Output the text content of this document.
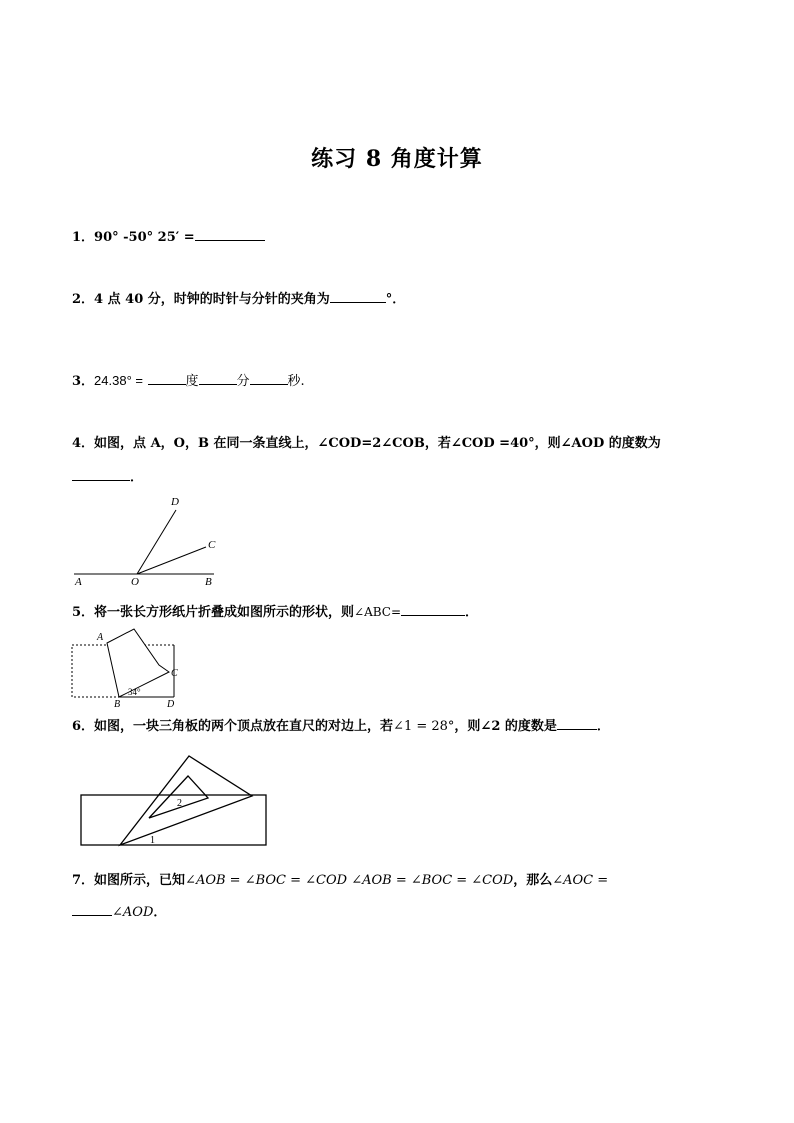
练习 8 角度计算
1．90° -50° 25′ =
2．4 点 40 分，时钟的时针与分针的夹角为	°．
3．24.38° =	度	分	秒.
4．如图，点 A，O，B 在同一条直线上，∠COD=2∠COB，若∠COD =40°，则∠AOD 的度数为
．
D
C
A	O	B
5．将一张长方形纸片折叠成如图所示的形状，则∠ABC=	．
A
C
B	D
34°
6．如图，一块三角板的两个顶点放在直尺的对边上，若∠1 = 28°，则∠2 的度数是	．
2
1
7．如图所示，已知∠AOB = ∠BOC = ∠COD ∠AOB = ∠BOC = ∠COD，那么∠AOC =
∠AOD．
